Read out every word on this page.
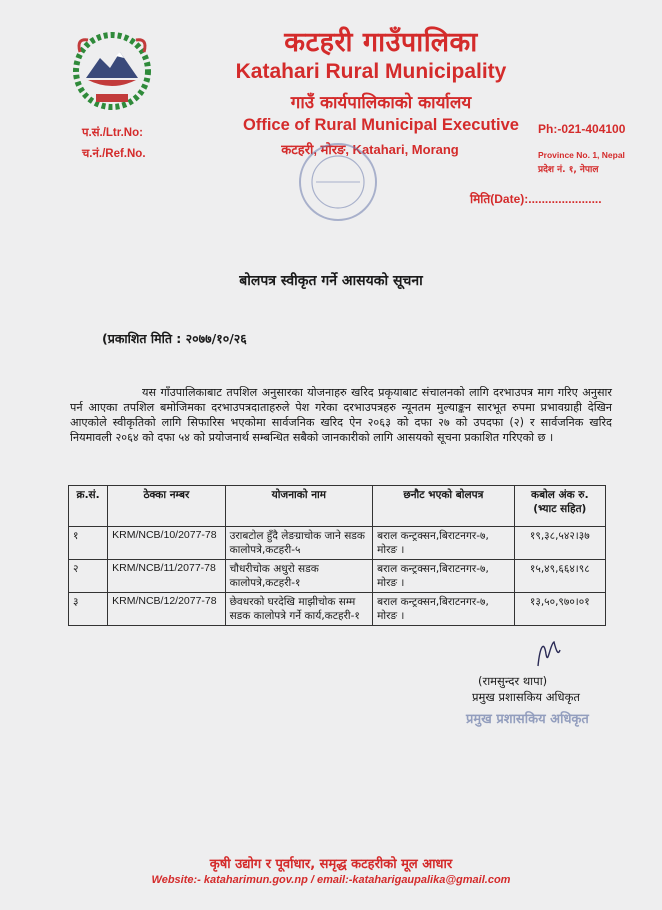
कटहरी गाउँपालिका
Katahari Rural Municipality
गाउँ कार्यपालिकाको कार्यालय
Office of Rural Municipal Executive
कटहरी, मोरङ, Katahari, Morang
प.सं./Ltr.No:
च.नं./Ref.No.
Ph:-021-404100
Province No. 1, Nepal
प्रदेश नं. १, नेपाल
मिति(Date):......................
बोलपत्र स्वीकृत गर्ने आसयको सूचना
(प्रकाशित मिति : २०७७/१०/२६
यस गाँउपालिकाबाट तपशिल अनुसारका योजनाहरु खरिद प्रकृयाबाट संचालनको लागि दरभाउपत्र माग गरिए अनुसार पर्न आएका तपशिल बमोजिमका दरभाउपत्रदाताहरुले पेश गरेका दरभाउपत्रहरु न्यूनतम मुल्याङ्कन सारभूत रुपमा प्रभावग्राही देखिन आएकोले स्वीकृतिको लागि सिफारिस भएकोमा सार्वजनिक खरिद ऐन २०६३ को दफा २७ को उपदफा (२) र सार्वजनिक खरिद नियमावली २०६४ को दफा ५४ को प्रयोजनार्थ सम्बन्धित सबैको जानकारीको लागि आसयको सूचना प्रकाशित गरिएको छ ।
क्र.सं.	ठेक्का नम्बर	योजनाको नाम	छनौट भएको बोलपत्र	कबोल अंक रु. (भ्याट सहित)
१	KRM/NCB/10/2077-78	उराबटोल हुँदै लेङग्राचोक जाने सडक कालोपत्रे,कटहरी-५	बराल कन्ट्रक्सन,बिराटनगर-७, मोरङ ।	१९,३८,५४२।३७
२	KRM/NCB/11/2077-78	चौधरीचोक अधुरो सडक कालोपत्रे,कटहरी-१	बराल कन्ट्रक्सन,बिराटनगर-७, मोरङ ।	१५,४९,६६४।९८
३	KRM/NCB/12/2077-78	छेवधरको घरदेखि माझीचोक सम्म सडक कालोपत्रे गर्ने कार्य,कटहरी-१	बराल कन्ट्रक्सन,बिराटनगर-७, मोरङ ।	१३,५०,९७०।०१
(रामसुन्दर थापा)
प्रमुख प्रशासकिय अधिकृत
प्रमुख प्रशासकिय अधिकृत
कृषी उद्योग र पूर्वाधार, समृद्ध कटहरीको मूल आधार
Website:- kataharimun.gov.np / email:-kataharigaupalika@gmail.com
